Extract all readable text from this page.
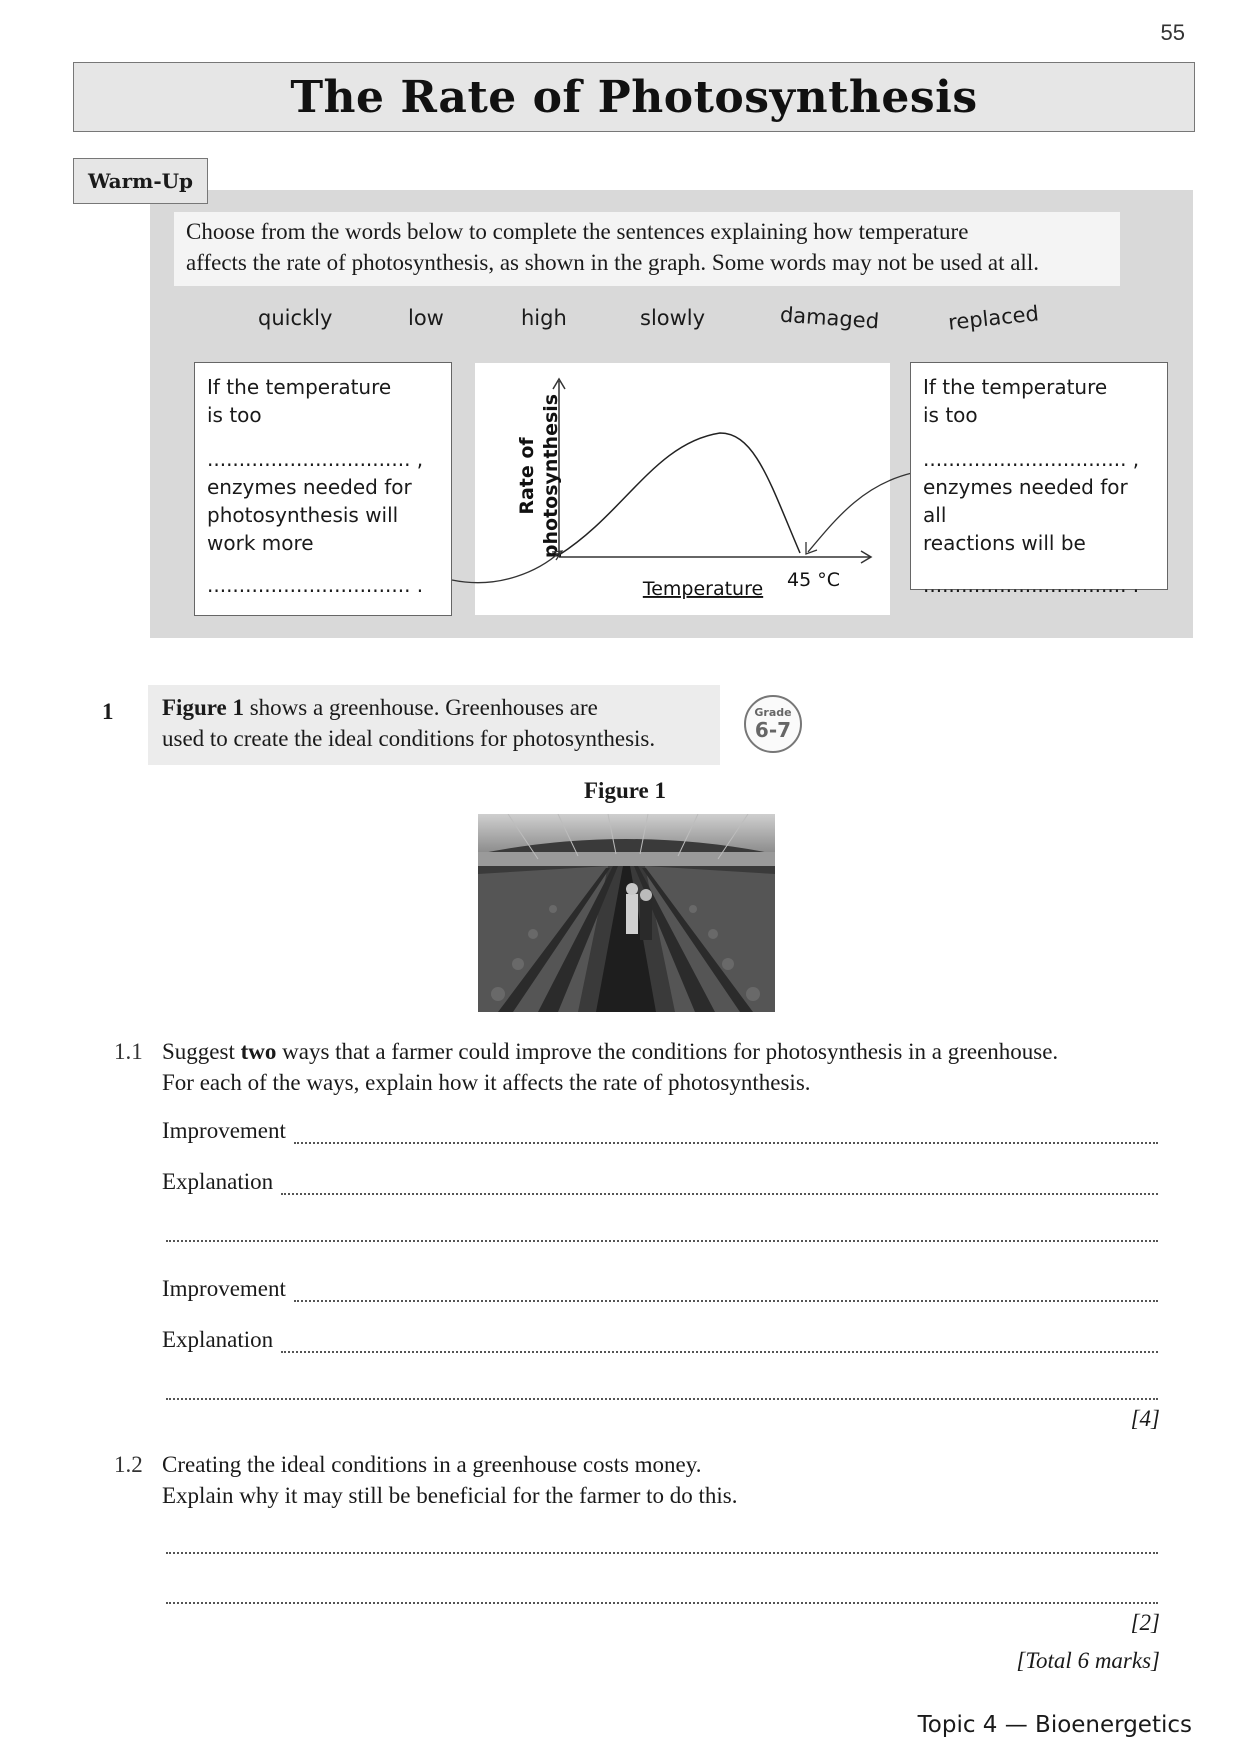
55
The Rate of Photosynthesis
Warm-Up
Choose from the words below to complete the sentences explaining how temperature
affects the rate of photosynthesis, as shown in the graph. Some words may not be used at all.
quickly	low	high	slowly	damaged	replaced
If the temperature
is too
................................ ,
enzymes needed for
photosynthesis will
work more
................................ .
Rate of photosynthesis
Temperature 45 °C
If the temperature
is too
................................ ,
enzymes needed for all
reactions will be
................................ .
1 Figure 1 shows a greenhouse. Greenhouses are
used to create the ideal conditions for photosynthesis.
Grade
6-7
Figure 1
1.1 Suggest two ways that a farmer could improve the conditions for photosynthesis in a greenhouse.
For each of the ways, explain how it affects the rate of photosynthesis.
Improvement
Explanation
Improvement
Explanation
[4]
1.2 Creating the ideal conditions in a greenhouse costs money.
Explain why it may still be beneficial for the farmer to do this.
[2]
[Total 6 marks]
Topic 4 — Bioenergetics
